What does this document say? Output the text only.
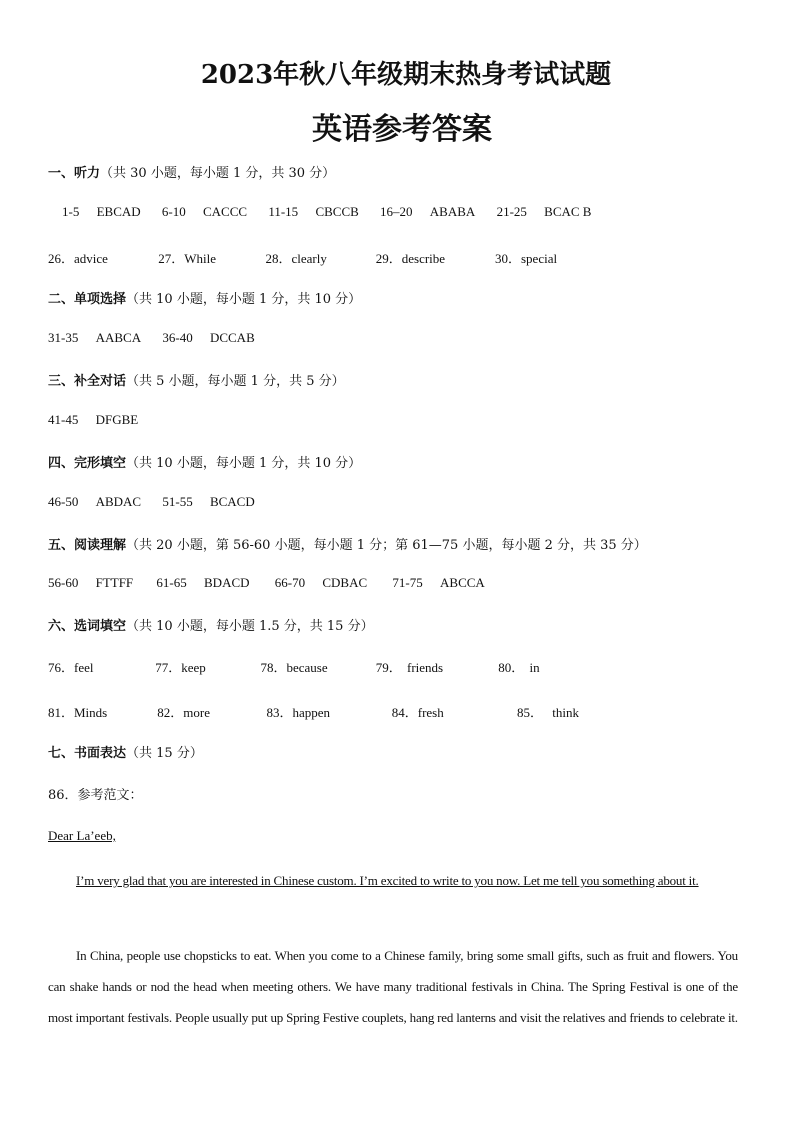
2023年秋八年级期末热身考试试题
英语参考答案
一、听力（共 30 小题，每小题 1 分，共 30 分）
1-5 EBCAD 6-10 CACCC 11-15 CBCCB 16–20 ABABA 21-25 BCAC B
26．advice	27．While	28．clearly	29．describe	30．special
二、单项选择（共 10 小题，每小题 1 分，共 10 分）
31-35 AABCA 36-40 DCCAB
三、补全对话（共 5 小题，每小题 1 分，共 5 分）
41-45 DFGBE
四、完形填空（共 10 小题，每小题 1 分，共 10 分）
46-50 ABDAC 51-55 BCACD
五、阅读理解（共 20 小题，第 56-60 小题，每小题 1 分；第 61—75 小题，每小题 2 分，共 35 分）
56-60 FTTFF 61-65 BDACD 66-70 CDBAC 71-75 ABCCA
六、选词填空（共 10 小题，每小题 1.5 分，共 15 分）
76．feel	77．keep	78．because	79． friends	80． in
81．Minds	82．more	83．happen	84．fresh	85． think
七、书面表达（共 15 分）
86．参考范文：
Dear La’eeb,
I’m very glad that you are interested in Chinese custom. I’m excited to write to you now. Let me tell you something about it.
In China, people use chopsticks to eat. When you come to a Chinese family, bring some small gifts, such as fruit and flowers. You can shake hands or nod the head when meeting others. We have many traditional festivals in China. The Spring Festival is one of the most important festivals. People usually put up Spring Festive couplets, hang red lanterns and visit the relatives and friends to celebrate it.
